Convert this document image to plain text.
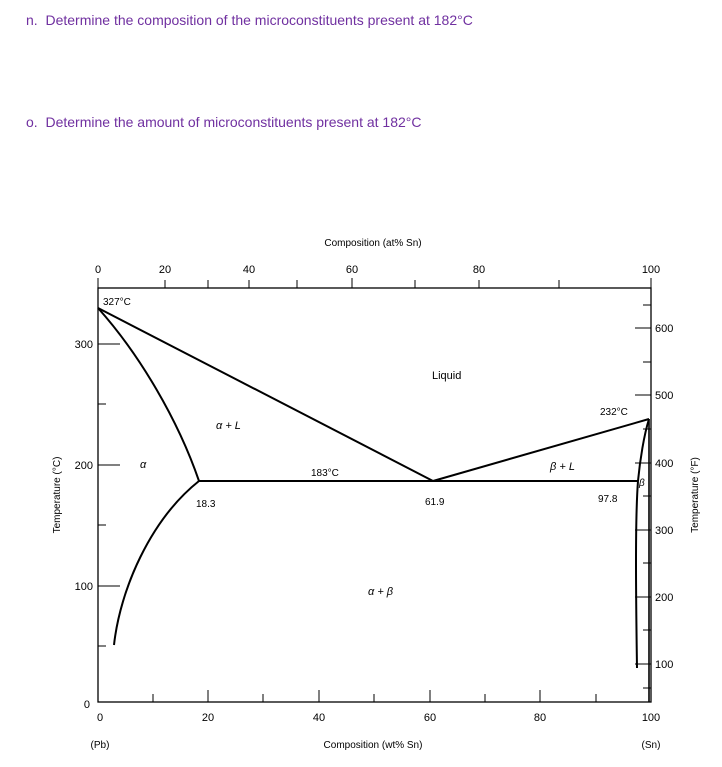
n. Determine the composition of the microconstituents present at 182°C
o. Determine the amount of microconstituents present at 182°C
Composition (at% Sn)
0	20	40	60	80	100
0	20	40	60	80	100
Composition (wt% Sn)
(Pb)	(Sn)
300
200
100
0
Temperature (°C)
600
500
400
300
200
100
Temperature (°F)
327°C
232°C
183°C
18.3	61.9	97.8
Liquid
α + L
β + L
α
β
α + β
